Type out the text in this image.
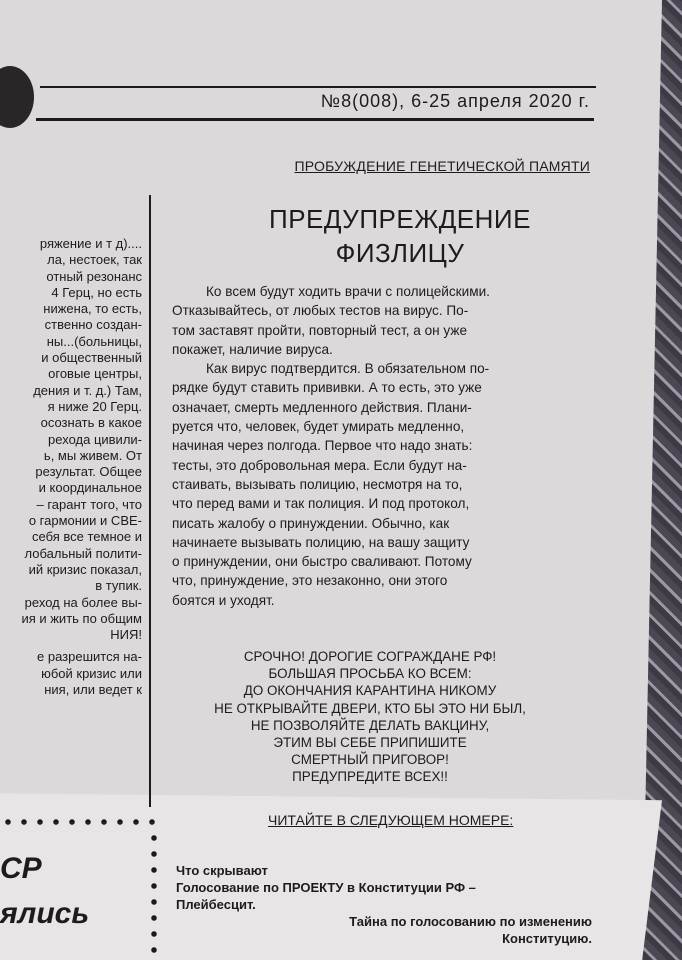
№8(008), 6-25 апреля 2020 г.
ПРОБУЖДЕНИЕ ГЕНЕТИЧЕСКОЙ ПАМЯТИ
ПРЕДУПРЕЖДЕНИЕ
ФИЗЛИЦУ
ряжение и т д)....
ла, нестоек, так
отный резонанс
4 Герц, но есть
нижена, то есть,
ственно создан-
ны...(больницы,
и общественный
оговые центры,
дения и т. д.) Там,
я ниже 20 Герц.
осознать в какое
рехода цивили-
ь, мы живем. От
результат. Общее
и координальное
– гарант того, что
о гармонии и СВЕ-
себя все темное и
лобальный полити-
ий кризис показал,
в тупик.
реход на более вы-
ия и жить по общим
НИЯ!
е разрешится на-
юбой кризис или
ния, или ведет к
Ко всем будут ходить врачи с полицейскими.
Отказывайтесь, от любых тестов на вирус. По-
том заставят пройти, повторный тест, а он уже
покажет, наличие вируса.
Как вирус подтвердится. В обязательном по-
рядке будут ставить прививки. А то есть, это уже
означает, смерть медленного действия. Плани-
руется что, человек, будет умирать медленно,
начиная через полгода. Первое что надо знать:
тесты, это добровольная мера. Если будут на-
стаивать, вызывать полицию, несмотря на то,
что перед вами и так полиция. И под протокол,
писать жалобу о принуждении. Обычно, как
начинаете вызывать полицию, на вашу защиту
о принуждении, они быстро сваливают. Потому
что, принуждение, это незаконно, они этого
боятся и уходят.
СРОЧНО! ДОРОГИЕ СОГРАЖДАНЕ РФ!
БОЛЬШАЯ ПРОСЬБА КО ВСЕМ:
ДО ОКОНЧАНИЯ КАРАНТИНА НИКОМУ
НЕ ОТКРЫВАЙТЕ ДВЕРИ, КТО БЫ ЭТО НИ БЫЛ,
НЕ ПОЗВОЛЯЙТЕ ДЕЛАТЬ ВАКЦИНУ,
ЭТИМ ВЫ СЕБЕ ПРИПИШИТЕ
СМЕРТНЫЙ ПРИГОВОР!
ПРЕДУПРЕДИТЕ ВСЕХ!!
ЧИТАЙТЕ В СЛЕДУЮЩЕМ НОМЕРЕ:
Что скрывают
Голосование по ПРОЕКТУ в Конституции РФ –
Плейбесцит.
Тайна по голосованию по изменению
Конституцию.
СР
ялись
